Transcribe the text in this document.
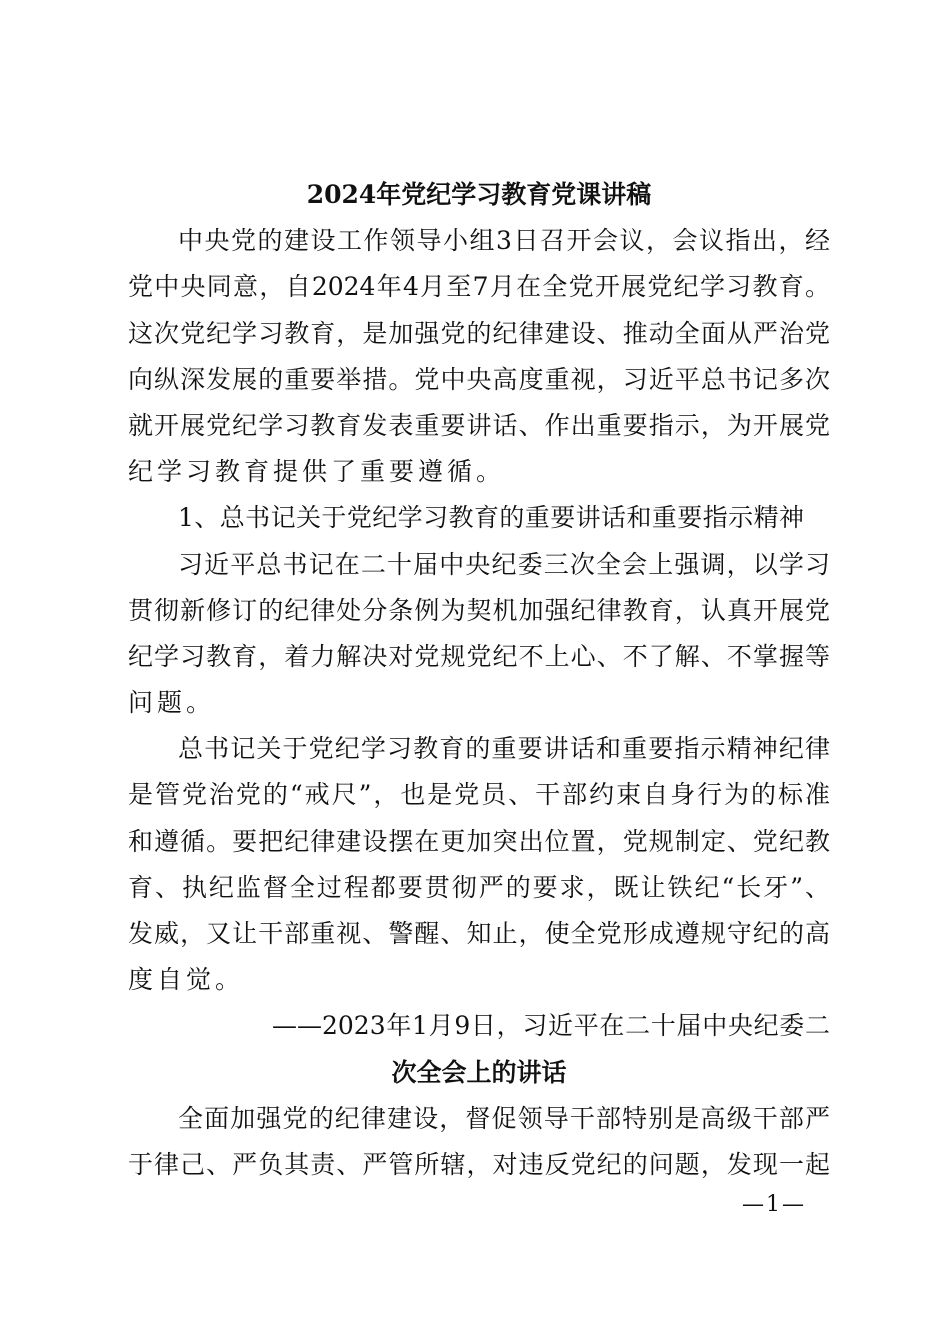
2024年党纪学习教育党课讲稿
中央党的建设工作领导小组3日召开会议，会议指出，经
党中央同意，自2024年4月至7月在全党开展党纪学习教育。
这次党纪学习教育，是加强党的纪律建设、推动全面从严治党
向纵深发展的重要举措。党中央高度重视，习近平总书记多次
就开展党纪学习教育发表重要讲话、作出重要指示，为开展党
纪学习教育提供了重要遵循。
1、总书记关于党纪学习教育的重要讲话和重要指示精神
习近平总书记在二十届中央纪委三次全会上强调，以学习
贯彻新修订的纪律处分条例为契机加强纪律教育，认真开展党
纪学习教育，着力解决对党规党纪不上心、不了解、不掌握等
问题。
总书记关于党纪学习教育的重要讲话和重要指示精神纪律
是管党治党的“戒尺”，也是党员、干部约束自身行为的标准
和遵循。要把纪律建设摆在更加突出位置，党规制定、党纪教
育、执纪监督全过程都要贯彻严的要求，既让铁纪“长牙”、
发威，又让干部重视、警醒、知止，使全党形成遵规守纪的高
度自觉。
——2023年1月9日，习近平在二十届中央纪委二
次全会上的讲话
全面加强党的纪律建设，督促领导干部特别是高级干部严
于律己、严负其责、严管所辖，对违反党纪的问题，发现一起
—1—
